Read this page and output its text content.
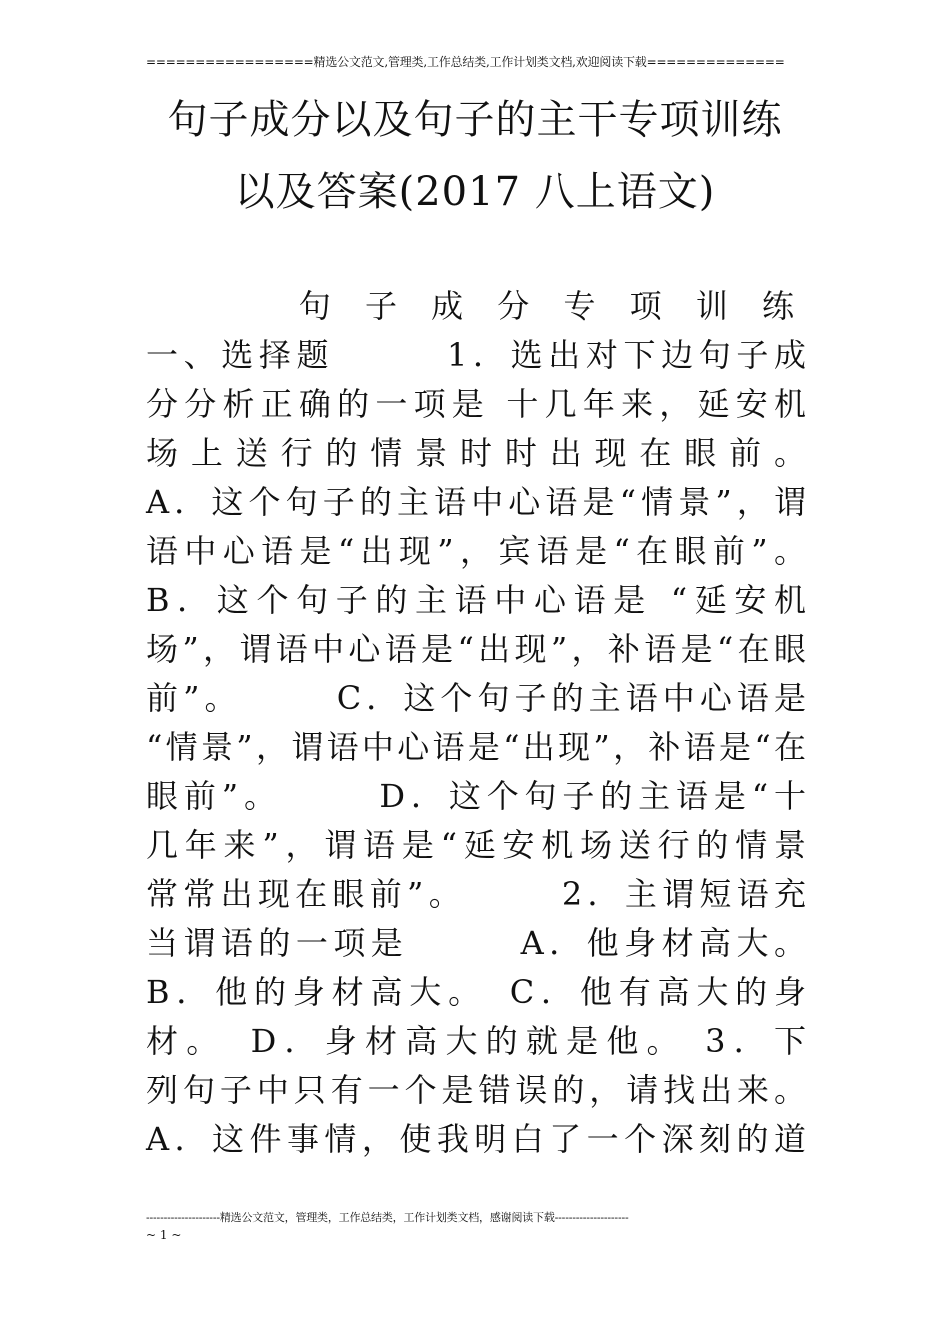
=================精选公文范文,管理类,工作总结类,工作计划类文档,欢迎阅读下载==============
句子成分以及句子的主干专项训练
以及答案(2017 八上语文)
句 子 成 分 专 项 训 练
一、选择题　　　1．选出对下边句子成
分分析正确的一项是 十几年来，延安机
场上送行的情景时时出现在眼前。
A．这个句子的主语中心语是“情景”，谓
语中心语是“出现”，宾语是“在眼前”。
B．这个句子的主语中心语是 “延安机
场”，谓语中心语是“出现”，补语是“在眼
前”。　　　C．这个句子的主语中心语是
“情景”，谓语中心语是“出现”，补语是“在
眼前”。　　　D．这个句子的主语是“十
几年来”，谓语是“延安机场送行的情景
常常出现在眼前”。　　　2．主谓短语充
当谓语的一项是　　　A．他身材高大。
B．他的身材高大。　C．他有高大的身
材。　D．身材高大的就是他。 3．下
列句子中只有一个是错误的，请找出来。
A．这件事情，使我明白了一个深刻的道
---------------------精选公文范文，管理类，工作总结类，工作计划类文档，感谢阅读下载---------------------
~ 1 ~
